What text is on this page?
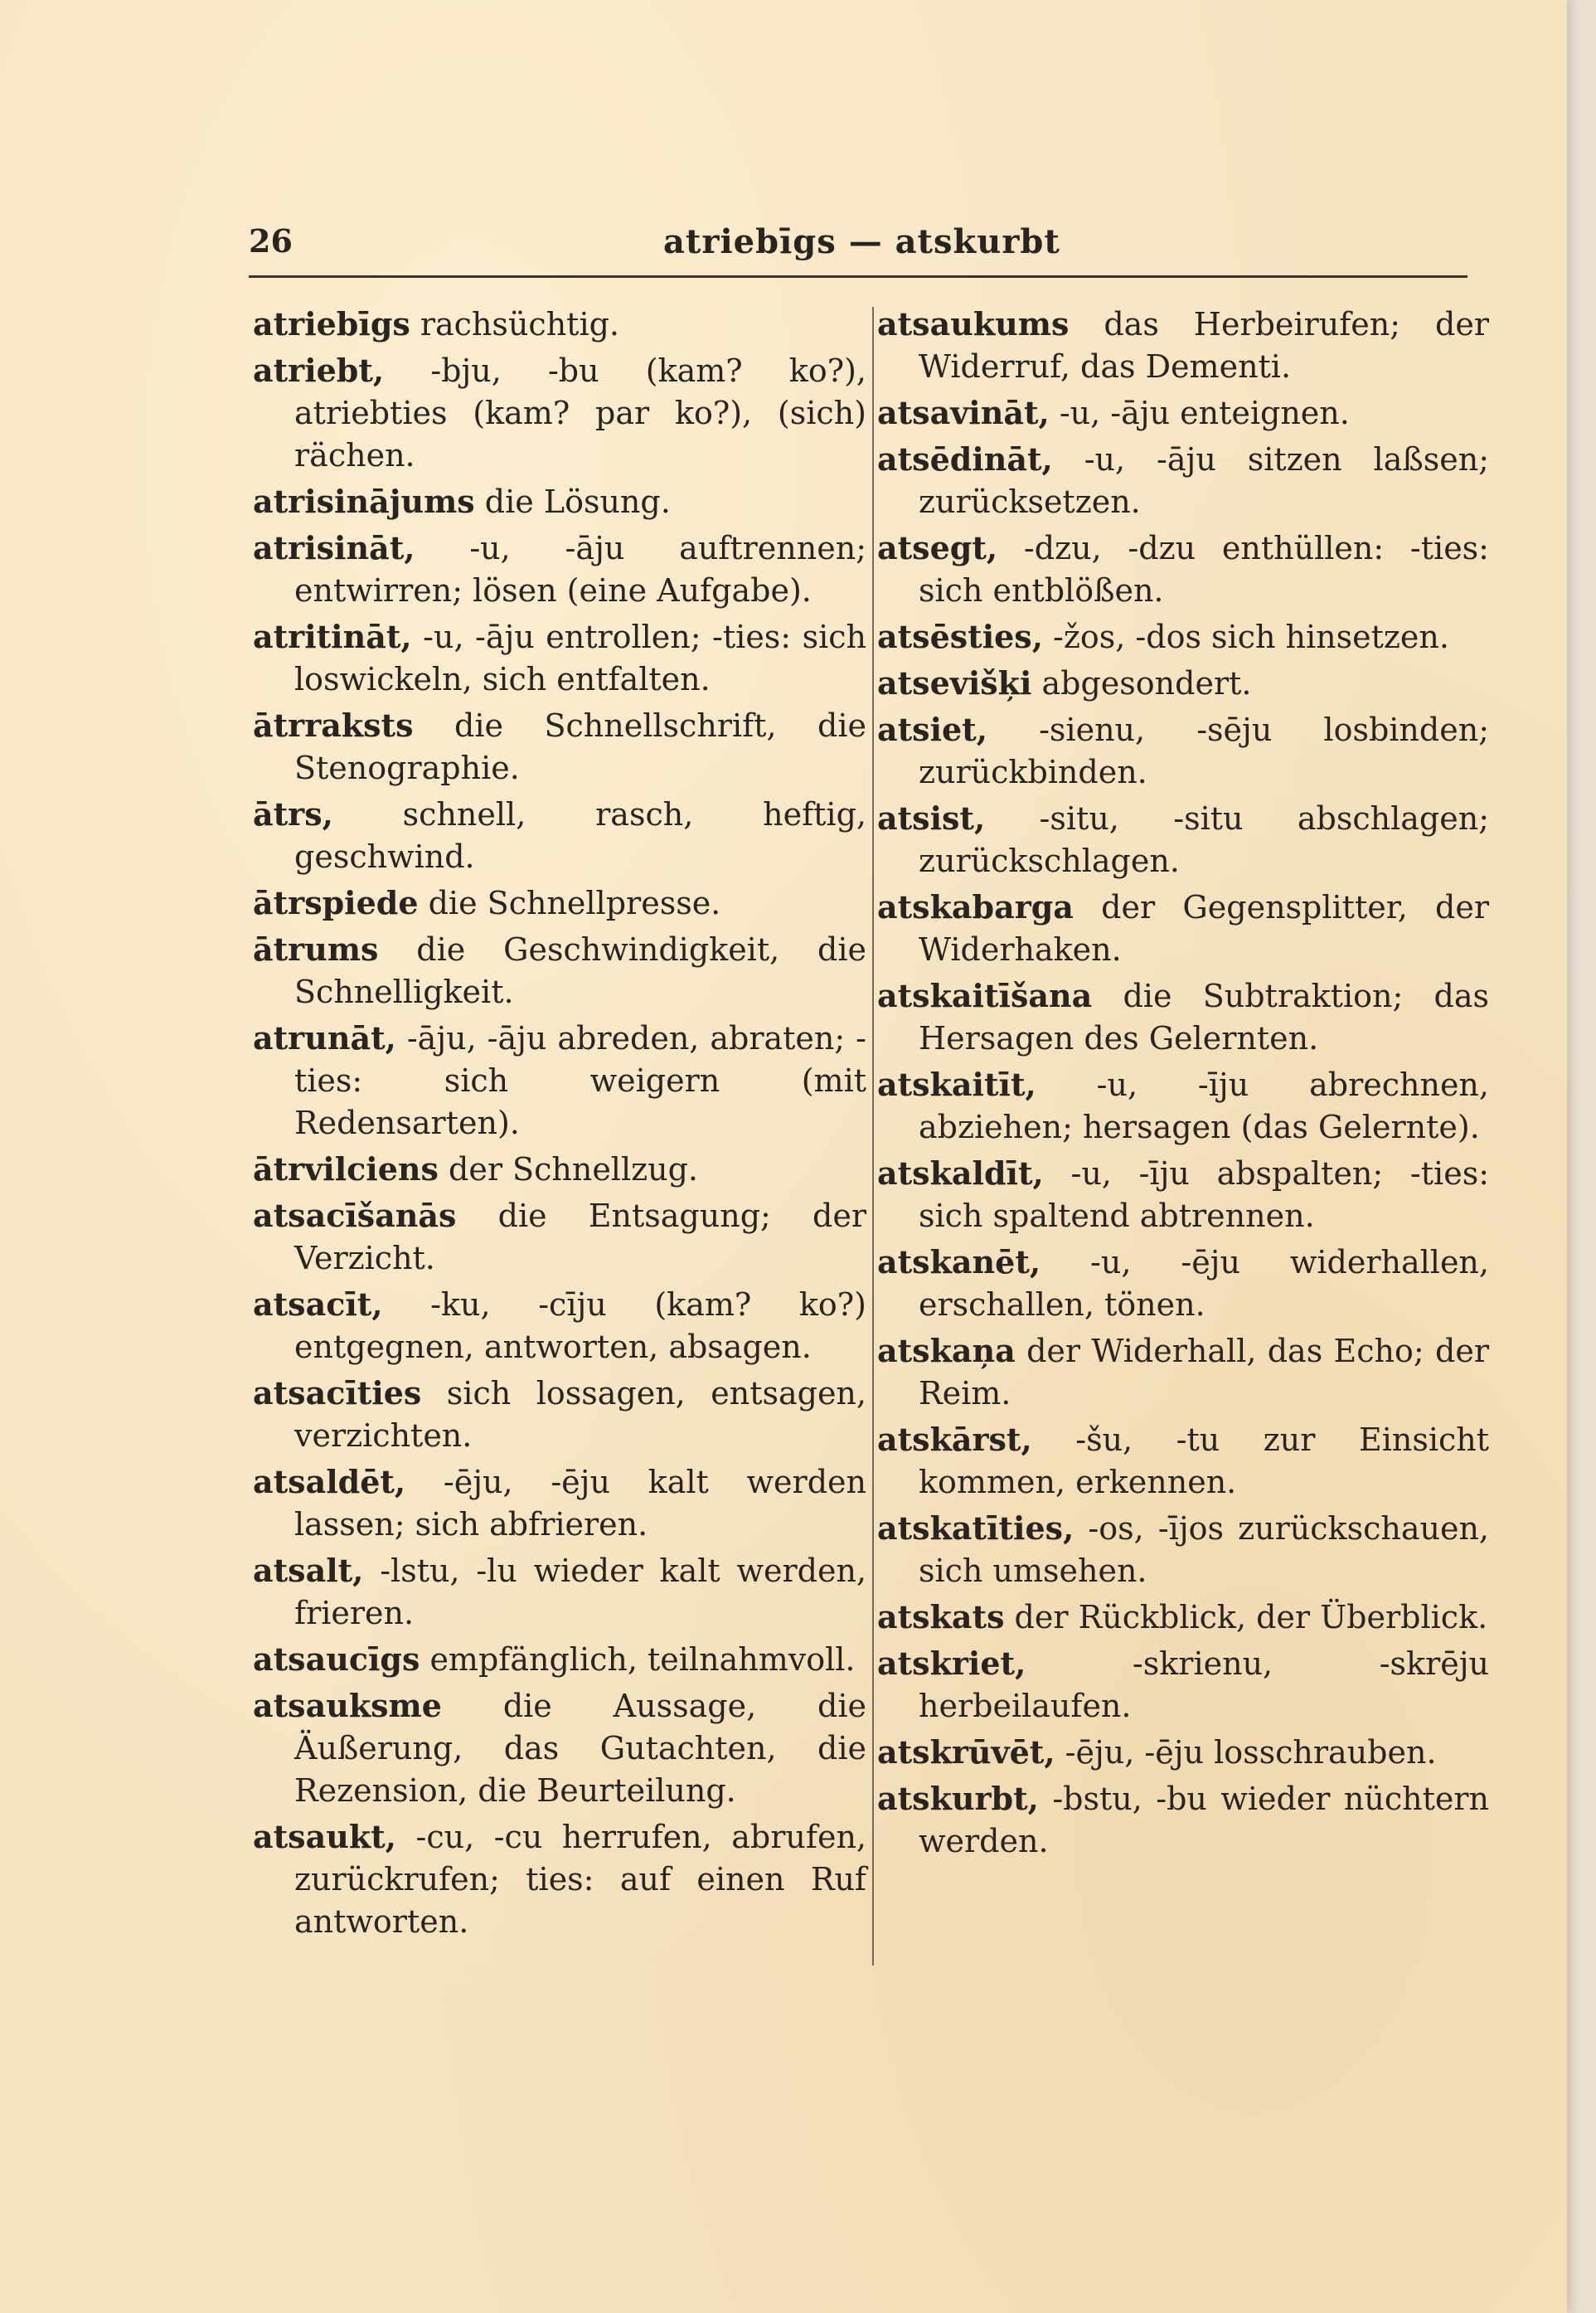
26	atriebīgs — atskurbt
atriebīgs rachsüchtig.
atriebt, -bju, -bu (kam? ko?), atriebties (kam? par ko?), (sich) rächen.
atrisinājums die Lösung.
atrisināt, -u, -āju auftrennen; entwirren; lösen (eine Aufgabe).
atritināt, -u, -āju entrollen; -ties: sich loswickeln, sich entfalten.
ātrraksts die Schnellschrift, die Stenographie.
ātrs, schnell, rasch, heftig, geschwind.
ātrspiede die Schnellpresse.
ātrums die Geschwindigkeit, die Schnelligkeit.
atrunāt, -āju, -āju abreden, abraten; -ties: sich weigern (mit Redensarten).
ātrvilciens der Schnellzug.
atsacīšanās die Entsagung; der Verzicht.
atsacīt, -ku, -cīju (kam? ko?) entgegnen, antworten, absagen.
atsacīties sich lossagen, entsagen, verzichten.
atsaldēt, -ēju, -ēju kalt werden lassen; sich abfrieren.
atsalt, -lstu, -lu wieder kalt werden, frieren.
atsaucīgs empfänglich, teilnahmvoll.
atsauksme die Aussage, die Äußerung, das Gutachten, die Rezension, die Beurteilung.
atsaukt, -cu, -cu herrufen, abrufen, zurückrufen; ties: auf einen Ruf antworten.
atsaukums das Herbeirufen; der Widerruf, das Dementi.
atsavināt, -u, -āju enteignen.
atsēdināt, -u, -āju sitzen laßsen; zurücksetzen.
atsegt, -dzu, -dzu enthüllen: -ties: sich entblößen.
atsēsties, -žos, -dos sich hinsetzen.
atsevišķi abgesondert.
atsiet, -sienu, -sēju losbinden; zurückbinden.
atsist, -situ, -situ abschlagen; zurückschlagen.
atskabarga der Gegensplitter, der Widerhaken.
atskaitīšana die Subtraktion; das Hersagen des Gelernten.
atskaitīt, -u, -īju abrechnen, abziehen; hersagen (das Gelernte).
atskaldīt, -u, -īju abspalten; -ties: sich spaltend abtrennen.
atskanēt, -u, -ēju widerhallen, erschallen, tönen.
atskaņa der Widerhall, das Echo; der Reim.
atskārst, -šu, -tu zur Einsicht kommen, erkennen.
atskatīties, -os, -ījos zurückschauen, sich umsehen.
atskats der Rückblick, der Überblick.
atskriet, -skrienu, -skrēju herbeilaufen.
atskrūvēt, -ēju, -ēju losschrauben.
atskurbt, -bstu, -bu wieder nüchtern werden.
